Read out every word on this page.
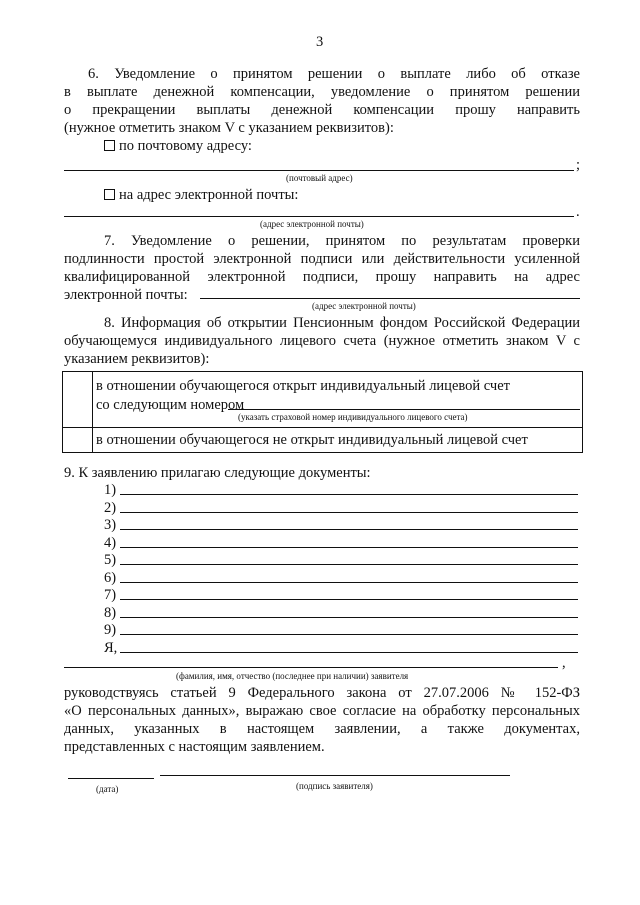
3
6. Уведомление о принятом решении о выплате либо об отказе
в выплате денежной компенсации, уведомление о принятом решении
о прекращении выплаты денежной компенсации прошу направить
(нужное отметить знаком V с указанием реквизитов):
по почтовому адресу:
;
(почтовый адрес)
на адрес электронной почты:
.
(адрес электронной почты)
7. Уведомление о решении, принятом по результатам проверки
подлинности простой электронной подписи или действительности усиленной
квалифицированной электронной подписи, прошу направить на адрес
электронной почты:
(адрес электронной почты)
8. Информация об открытии Пенсионным фондом Российской Федерации
обучающемуся индивидуального лицевого счета (нужное отметить знаком V с
указанием реквизитов):
в отношении обучающегося открыт индивидуальный лицевой счет
со следующим номером
(указать страховой номер индивидуального лицевого счета)
в отношении обучающегося не открыт индивидуальный лицевой счет
9. К заявлению прилагаю следующие документы:
1)
2)
3)
4)
5)
6)
7)
8)
9)
Я,
,
(фамилия, имя, отчество (последнее при наличии) заявителя
руководствуясь статьей 9 Федерального закона от 27.07.2006 № 152-ФЗ
«О персональных данных», выражаю свое согласие на обработку персональных
данных, указанных в настоящем заявлении, а также документах,
представленных с настоящим заявлением.
(дата)	(подпись заявителя)
